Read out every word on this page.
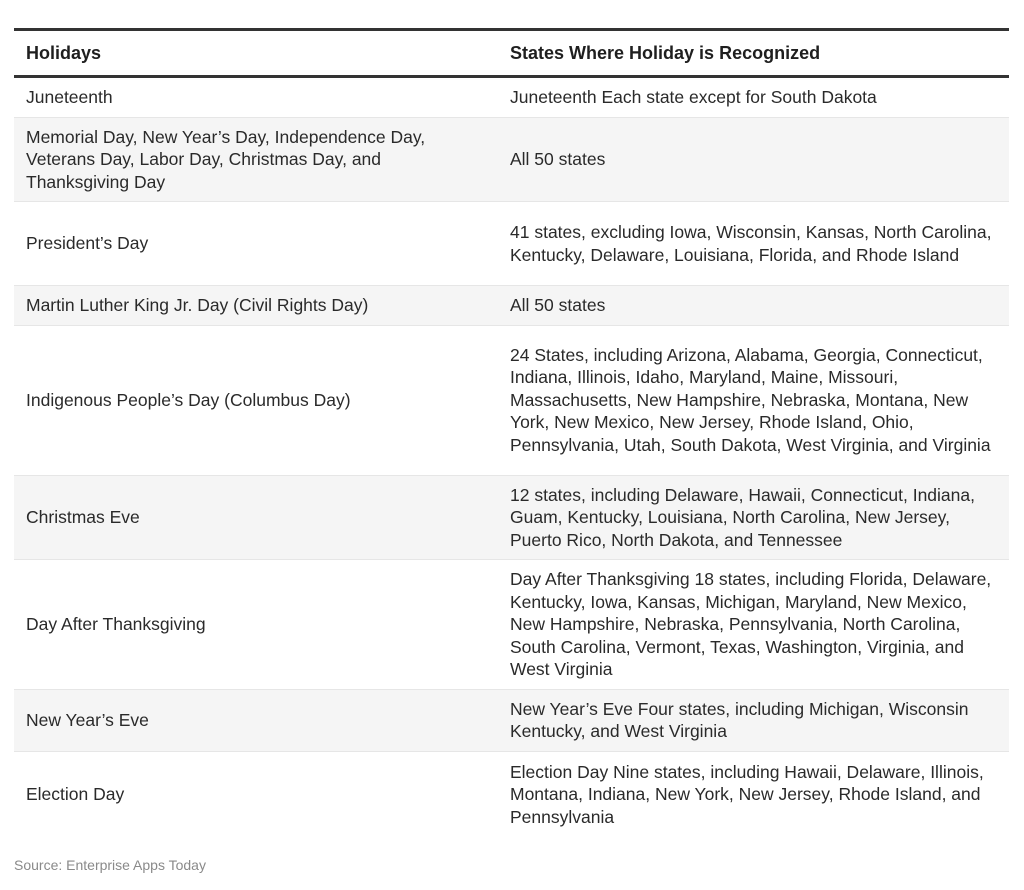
Holidays	States Where Holiday is Recognized
Juneteenth	Juneteenth Each state except for South Dakota
Memorial Day, New Year’s Day, Independence Day, Veterans Day, Labor Day, Christmas Day, and Thanksgiving Day	All 50 states
President’s Day	41 states, excluding Iowa, Wisconsin, Kansas, North Carolina, Kentucky, Delaware, Louisiana, Florida, and Rhode Island
Martin Luther King Jr. Day (Civil Rights Day)	All 50 states
Indigenous People’s Day (Columbus Day)	24 States, including Arizona, Alabama, Georgia, Connecticut, Indiana, Illinois, Idaho, Maryland, Maine, Missouri, Massachusetts, New Hampshire, Nebraska, Montana, New York, New Mexico, New Jersey, Rhode Island, Ohio, Pennsylvania, Utah, South Dakota, West Virginia, and Virginia
Christmas Eve	12 states, including Delaware, Hawaii, Connecticut, Indiana, Guam, Kentucky, Louisiana, North Carolina, New Jersey, Puerto Rico, North Dakota, and Tennessee
Day After Thanksgiving	Day After Thanksgiving 18 states, including Florida, Delaware, Kentucky, Iowa, Kansas, Michigan, Maryland, New Mexico, New Hampshire, Nebraska, Pennsylvania, North Carolina, South Carolina, Vermont, Texas, Washington, Virginia, and West Virginia
New Year’s Eve	New Year’s Eve Four states, including Michigan, Wisconsin Kentucky, and West Virginia
Election Day	Election Day Nine states, including Hawaii, Delaware, Illinois, Montana, Indiana, New York, New Jersey, Rhode Island, and Pennsylvania
Source: Enterprise Apps Today
